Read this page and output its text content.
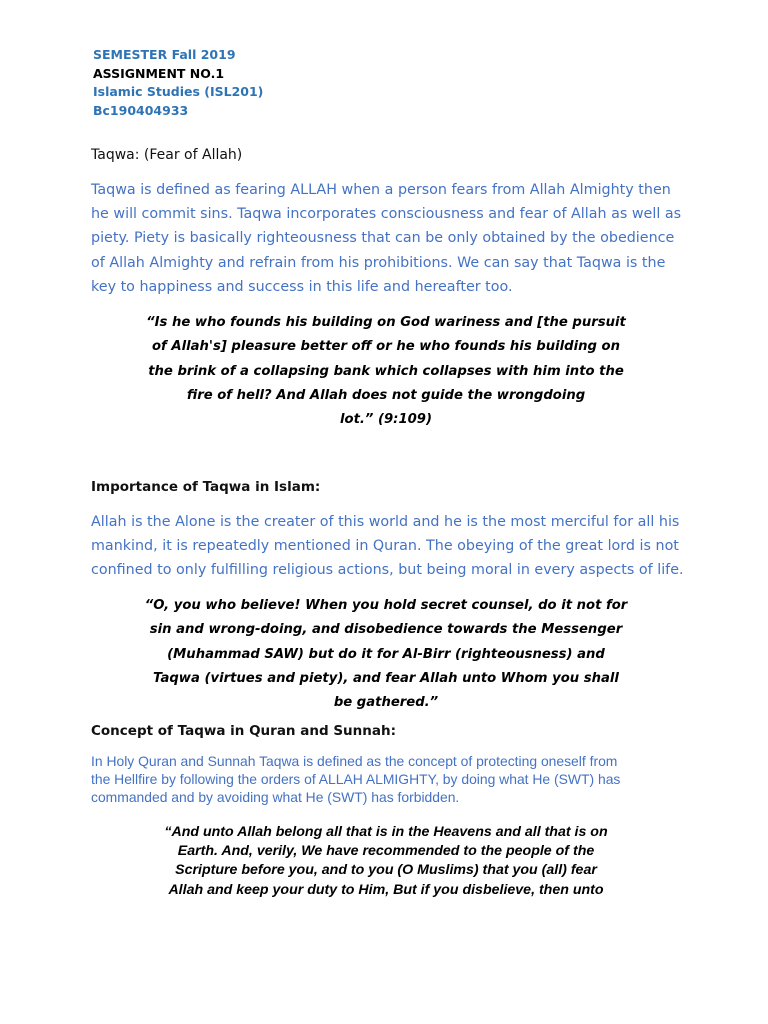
SEMESTER Fall 2019
ASSIGNMENT NO.1
Islamic Studies (ISL201)
Bc190404933
Taqwa: (Fear of Allah)
Taqwa is defined as fearing ALLAH when a person fears from Allah Almighty then
he will commit sins. Taqwa incorporates consciousness and fear of Allah as well as
piety. Piety is basically righteousness that can be only obtained by the obedience
of Allah Almighty and refrain from his prohibitions. We can say that Taqwa is the
key to happiness and success in this life and hereafter too.
“Is he who founds his building on God wariness and [the pursuit
of Allah's] pleasure better off or he who founds his building on
the brink of a collapsing bank which collapses with him into the
fire of hell? And Allah does not guide the wrongdoing
lot.” (9:109)
Importance of Taqwa in Islam:
Allah is the Alone is the creater of this world and he is the most merciful for all his
mankind, it is repeatedly mentioned in Quran. The obeying of the great lord is not
confined to only fulfilling religious actions, but being moral in every aspects of life.
“O, you who believe! When you hold secret counsel, do it not for
sin and wrong-doing, and disobedience towards the Messenger
(Muhammad SAW) but do it for Al-Birr (righteousness) and
Taqwa (virtues and piety), and fear Allah unto Whom you shall
be gathered.”
Concept of Taqwa in Quran and Sunnah:
In Holy Quran and Sunnah Taqwa is defined as the concept of protecting oneself from
the Hellfire by following the orders of ALLAH ALMIGHTY, by doing what He (SWT) has
commanded and by avoiding what He (SWT) has forbidden.
“And unto Allah belong all that is in the Heavens and all that is on
Earth. And, verily, We have recommended to the people of the
Scripture before you, and to you (O Muslims) that you (all) fear
Allah and keep your duty to Him, But if you disbelieve, then unto
